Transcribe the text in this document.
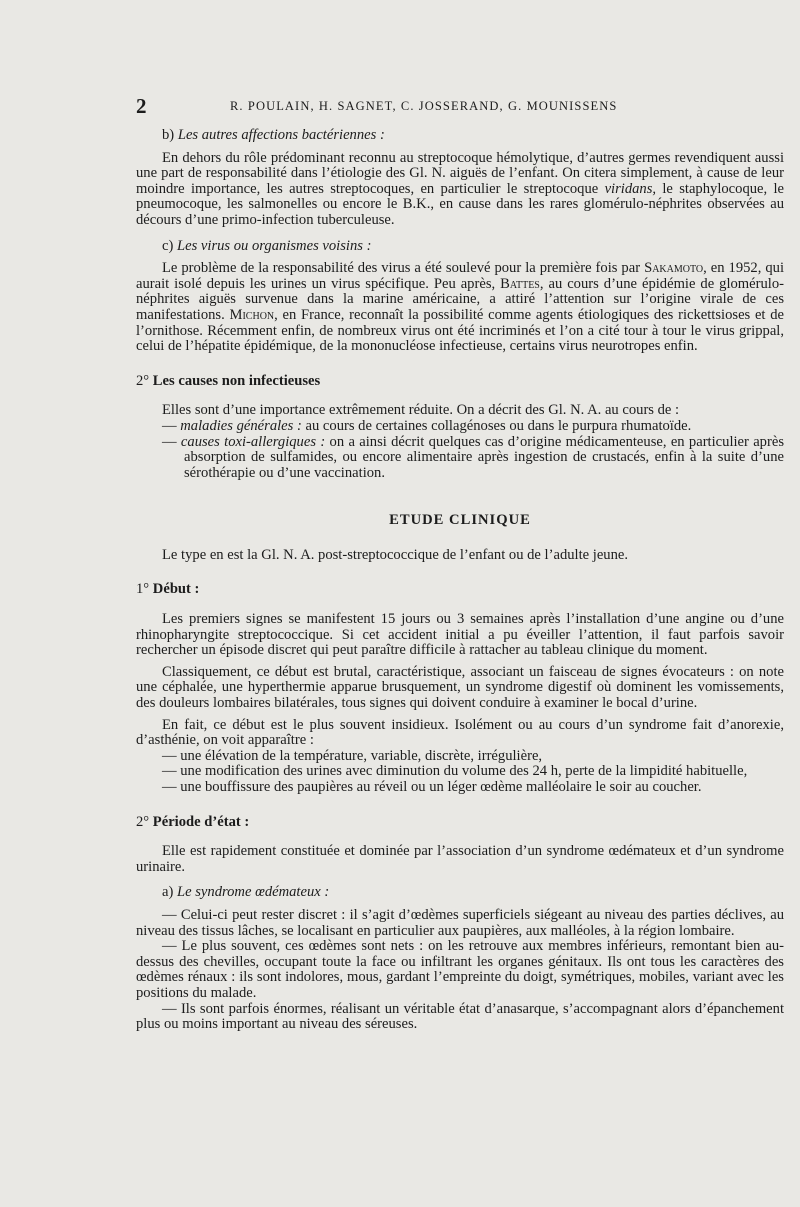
2	R. POULAIN, H. SAGNET, C. JOSSERAND, G. MOUNISSENS

b) Les autres affections bactériennes :

En dehors du rôle prédominant reconnu au streptocoque hémolytique, d’autres germes revendiquent aussi une part de responsabilité dans l’étiologie des Gl. N. aiguës de l’enfant. On citera simplement, à cause de leur moindre importance, les autres streptocoques, en particulier le streptocoque viridans, le staphylocoque, le pneumocoque, les salmonelles ou encore le B.K., en cause dans les rares glomérulo-néphrites observées au décours d’une primo-infection tuberculeuse.

c) Les virus ou organismes voisins :

Le problème de la responsabilité des virus a été soulevé pour la première fois par Sakamoto, en 1952, qui aurait isolé depuis les urines un virus spécifique. Peu après, Battes, au cours d’une épidémie de glomérulo-néphrites aiguës survenue dans la marine américaine, a attiré l’attention sur l’origine virale de ces manifestations. Michon, en France, reconnaît la possibilité comme agents étiologiques des rickettsioses et de l’ornithose. Récemment enfin, de nombreux virus ont été incriminés et l’on a cité tour à tour le virus grippal, celui de l’hépatite épidémique, de la mononucléose infectieuse, certains virus neurotropes enfin.

2° Les causes non infectieuses

Elles sont d’une importance extrêmement réduite. On a décrit des Gl. N. A. au cours de :

— maladies générales : au cours de certaines collagénoses ou dans le purpura rhumatoïde.

— causes toxi-allergiques : on a ainsi décrit quelques cas d’origine médicamenteuse, en particulier après absorption de sulfamides, ou encore alimentaire après ingestion de crustacés, enfin à la suite d’une sérothérapie ou d’une vaccination.

ETUDE CLINIQUE

Le type en est la Gl. N. A. post-streptococcique de l’enfant ou de l’adulte jeune.

1° Début :

Les premiers signes se manifestent 15 jours ou 3 semaines après l’installation d’une angine ou d’une rhinopharyngite streptococcique. Si cet accident initial a pu éveiller l’attention, il faut parfois savoir rechercher un épisode discret qui peut paraître difficile à rattacher au tableau clinique du moment.

Classiquement, ce début est brutal, caractéristique, associant un faisceau de signes évocateurs : on note une céphalée, une hyperthermie apparue brusquement, un syndrome digestif où dominent les vomissements, des douleurs lombaires bilatérales, tous signes qui doivent conduire à examiner le bocal d’urine.

En fait, ce début est le plus souvent insidieux. Isolément ou au cours d’un syndrome fait d’anorexie, d’asthénie, on voit apparaître :

— une élévation de la température, variable, discrète, irrégulière,

— une modification des urines avec diminution du volume des 24 h, perte de la limpidité habituelle,

— une bouffissure des paupières au réveil ou un léger œdème malléolaire le soir au coucher.

2° Période d’état :

Elle est rapidement constituée et dominée par l’association d’un syndrome œdémateux et d’un syndrome urinaire.

a) Le syndrome œdémateux :

— Celui-ci peut rester discret : il s’agit d’œdèmes superficiels siégeant au niveau des parties déclives, au niveau des tissus lâches, se localisant en particulier aux paupières, aux malléoles, à la région lombaire.

— Le plus souvent, ces œdèmes sont nets : on les retrouve aux membres inférieurs, remontant bien au-dessus des chevilles, occupant toute la face ou infiltrant les organes génitaux. Ils ont tous les caractères des œdèmes rénaux : ils sont indolores, mous, gardant l’empreinte du doigt, symétriques, mobiles, variant avec les positions du malade.

— Ils sont parfois énormes, réalisant un véritable état d’anasarque, s’accompagnant alors d’épanchement plus ou moins important au niveau des séreuses.
